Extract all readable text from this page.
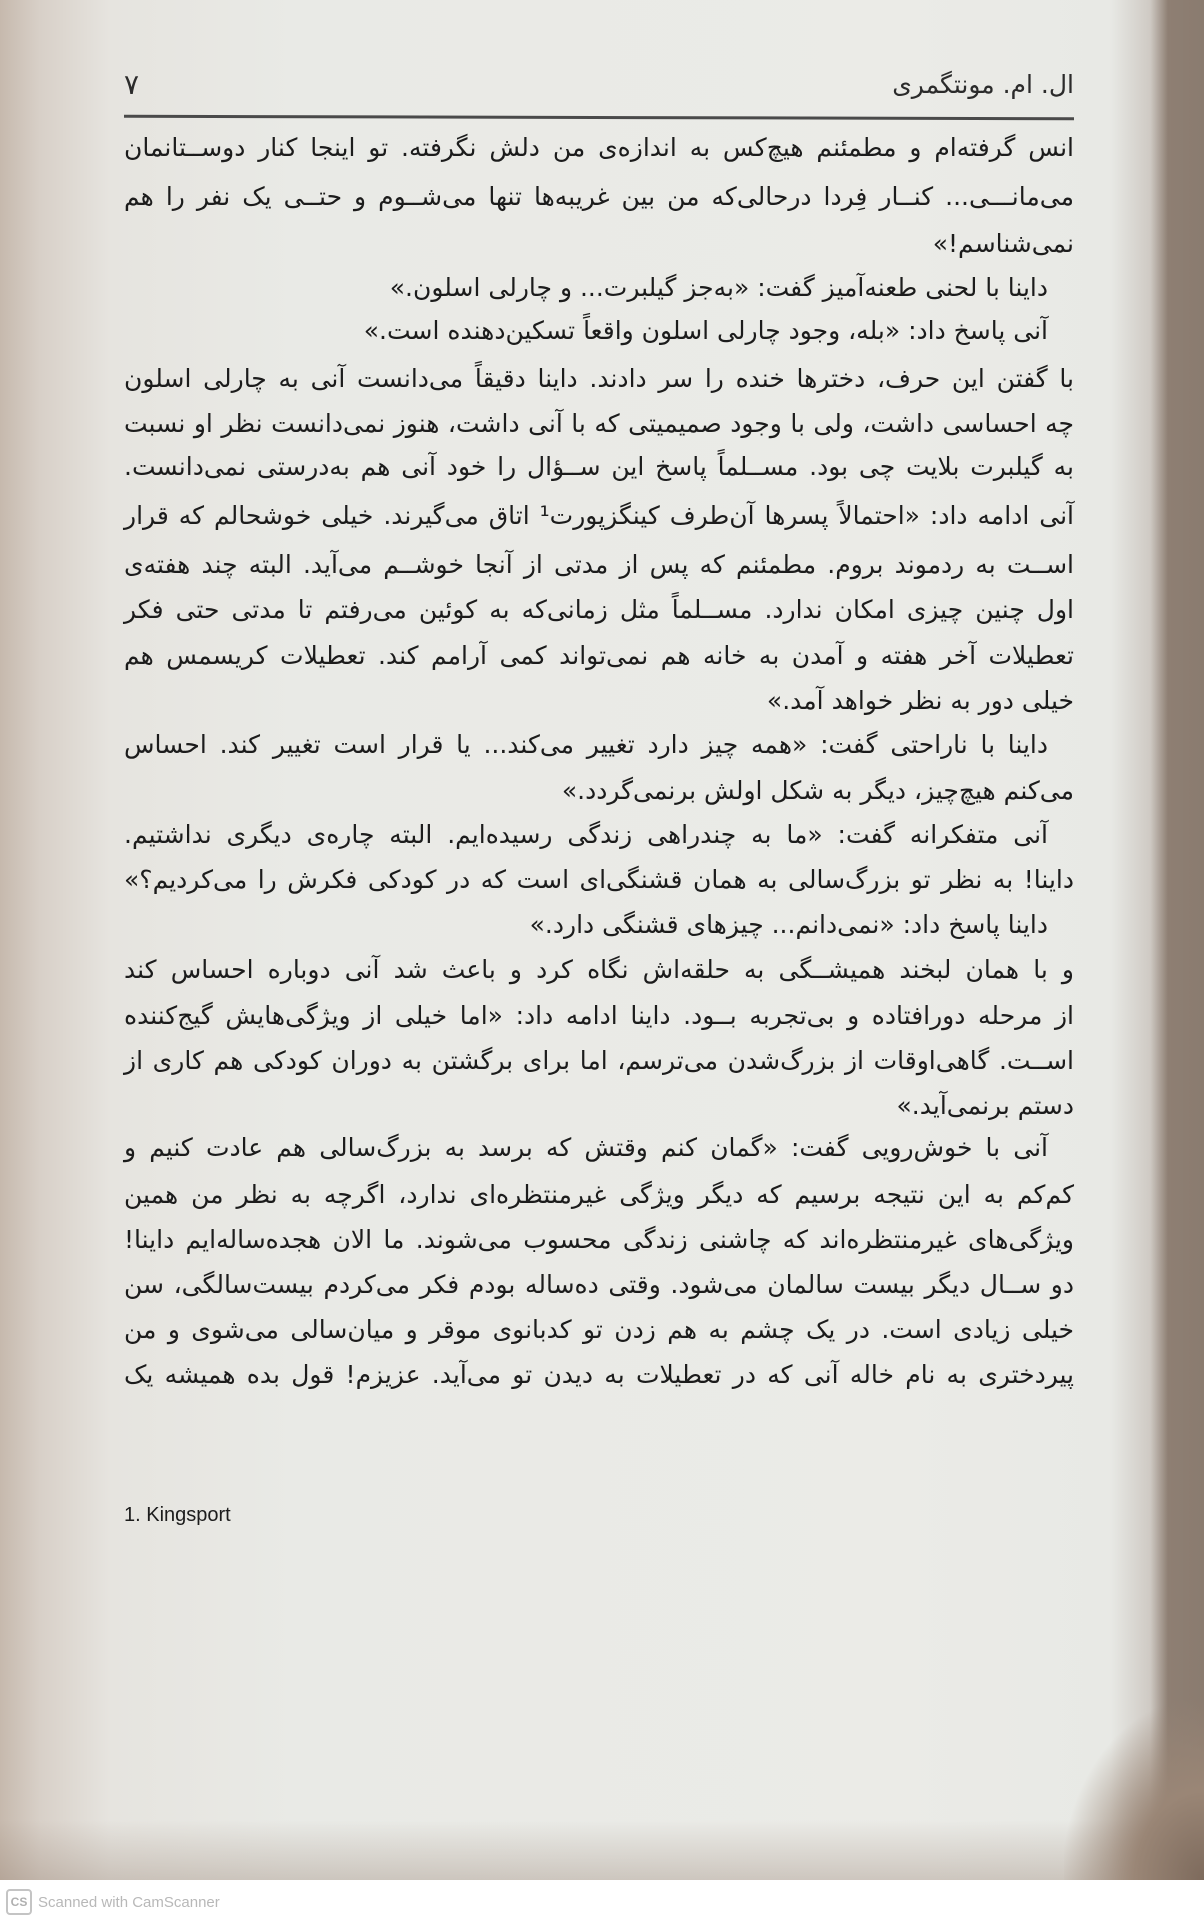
ال. ام. مونتگمری
۷
انس گرفته‌ام و مطمئنم هیچ‌کس به اندازه‌ی من دلش نگرفته. تو اینجا کنار دوســتانمان
می‌مانـــی... کنــار فِردا درحالی‌که من بین غریبه‌ها تنها می‌شــوم و حتــی یک نفر را هم
نمی‌شناسم!»
داینا با لحنی طعنه‌آمیز گفت: «به‌جز گیلبرت... و چارلی اسلون.»
آنی پاسخ داد: «بله، وجود چارلی اسلون واقعاً تسکین‌دهنده است.»
با گفتن این حرف، دخترها خنده را سر دادند. داینا دقیقاً می‌دانست آنی به چارلی اسلون
چه احساسی داشت، ولی با وجود صمیمیتی که با آنی داشت، هنوز نمی‌دانست نظر او نسبت
به گیلبرت بلایت چی بود. مســلماً پاسخ این ســؤال را خود آنی هم به‌درستی نمی‌دانست.
آنی ادامه داد: «احتمالاً پسرها آن‌طرف کینگزپورت¹ اتاق می‌گیرند. خیلی خوشحالم که قرار
اســت به ردموند بروم. مطمئنم که پس از مدتی از آنجا خوشــم می‌آید. البته چند هفته‌ی
اول چنین چیزی امکان ندارد. مســلماً مثل زمانی‌که به کوئین می‌رفتم تا مدتی حتی فکر
تعطیلات آخر هفته و آمدن به خانه هم نمی‌تواند کمی آرامم کند. تعطیلات کریسمس هم
خیلی دور به نظر خواهد آمد.»
داینا با ناراحتی گفت: «همه چیز دارد تغییر می‌کند... یا قرار است تغییر کند. احساس
می‌کنم هیچ‌چیز، دیگر به شکل اولش برنمی‌گردد.»
آنی متفکرانه گفت: «ما به چندراهی زندگی رسیده‌ایم. البته چاره‌ی دیگری نداشتیم.
داینا! به نظر تو بزرگ‌سالی به همان قشنگی‌ای است که در کودکی فکرش را می‌کردیم؟»
داینا پاسخ داد: «نمی‌دانم... چیزهای قشنگی دارد.»
و با همان لبخند همیشــگی به حلقه‌اش نگاه کرد و باعث شد آنی دوباره احساس کند
از مرحله دورافتاده و بی‌تجربه بــود. داینا ادامه داد: «اما خیلی از ویژگی‌هایش گیج‌کننده
اســت. گاهی‌اوقات از بزرگ‌شدن می‌ترسم، اما برای برگشتن به دوران کودکی هم کاری از
دستم برنمی‌آید.»
آنی با خوش‌رویی گفت: «گمان کنم وقتش که برسد به بزرگ‌سالی هم عادت کنیم و
کم‌کم به این نتیجه برسیم که دیگر ویژگی غیرمنتظره‌ای ندارد، اگرچه به نظر من همین
ویژگی‌های غیرمنتظره‌اند که چاشنی زندگی محسوب می‌شوند. ما الان هجده‌ساله‌ایم داینا!
دو ســال دیگر بیست سالمان می‌شود. وقتی ده‌ساله بودم فکر می‌کردم بیست‌سالگی، سن
خیلی زیادی است. در یک چشم به هم زدن تو کدبانوی موقر و میان‌سالی می‌شوی و من
پیردختری به نام خاله آنی که در تعطیلات به دیدن تو می‌آید. عزیزم! قول بده همیشه یک
1. Kingsport
CS Scanned with CamScanner
